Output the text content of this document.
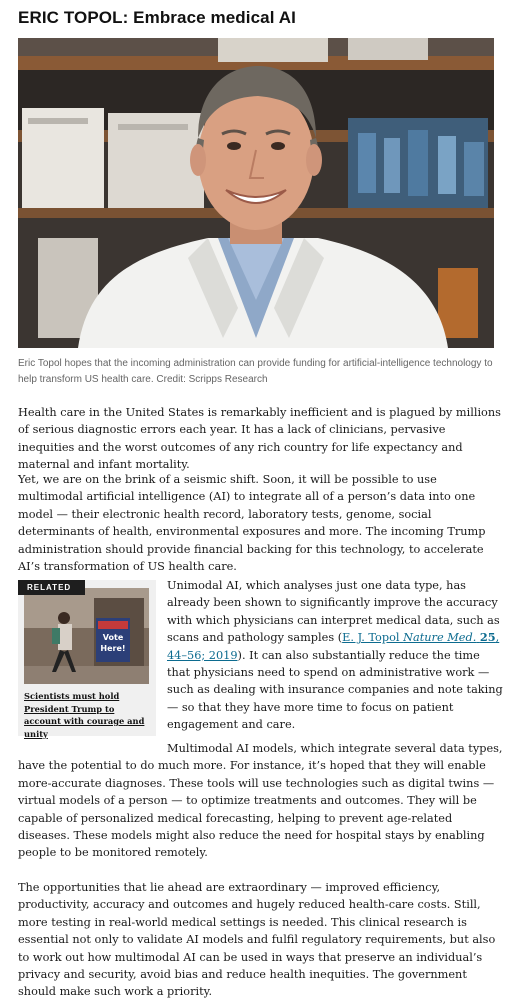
ERIC TOPOL: Embrace medical AI
Eric Topol hopes that the incoming administration can provide funding for artificial-intelligence technology to help transform US health care. Credit: Scripps Research

Health care in the United States is remarkably inefficient and is plagued by millions of serious diagnostic errors each year. It has a lack of clinicians, pervasive inequities and the worst outcomes of any rich country for life expectancy and maternal and infant mortality.

Yet, we are on the brink of a seismic shift. Soon, it will be possible to use multimodal artificial intelligence (AI) to integrate all of a person’s data into one model — their electronic health record, laboratory tests, genome, social determinants of health, environmental exposures and more. The incoming Trump administration should provide financial backing for this technology, to accelerate AI’s transformation of US health care.

Vote
Here!
RELATED
Scientists must hold President Trump to account with courage and unity
Unimodal AI, which analyses just one data type, has already been shown to significantly improve the accuracy with which physicians can interpret medical data, such as scans and pathology samples (E. J. Topol Nature Med. 25, 44–56; 2019). It can also substantially reduce the time that physicians need to spend on administrative work — such as dealing with insurance companies and note taking — so that they have more time to focus on patient engagement and care.

Multimodal AI models, which integrate several data types, have the potential to do much more. For instance, it’s hoped that they will enable more-accurate diagnoses. These tools will use technologies such as digital twins — virtual models of a person — to optimize treatments and outcomes. They will be capable of personalized medical forecasting, helping to prevent age-related diseases. These models might also reduce the need for hospital stays by enabling people to be monitored remotely.

The opportunities that lie ahead are extraordinary — improved efficiency, productivity, accuracy and outcomes and hugely reduced health-care costs. Still, more testing in real-world medical settings is needed. This clinical research is essential not only to validate AI models and fulfil regulatory requirements, but also to work out how multimodal AI can be used in ways that preserve an individual’s privacy and security, avoid bias and reduce health inequities. The government should make such work a priority.
